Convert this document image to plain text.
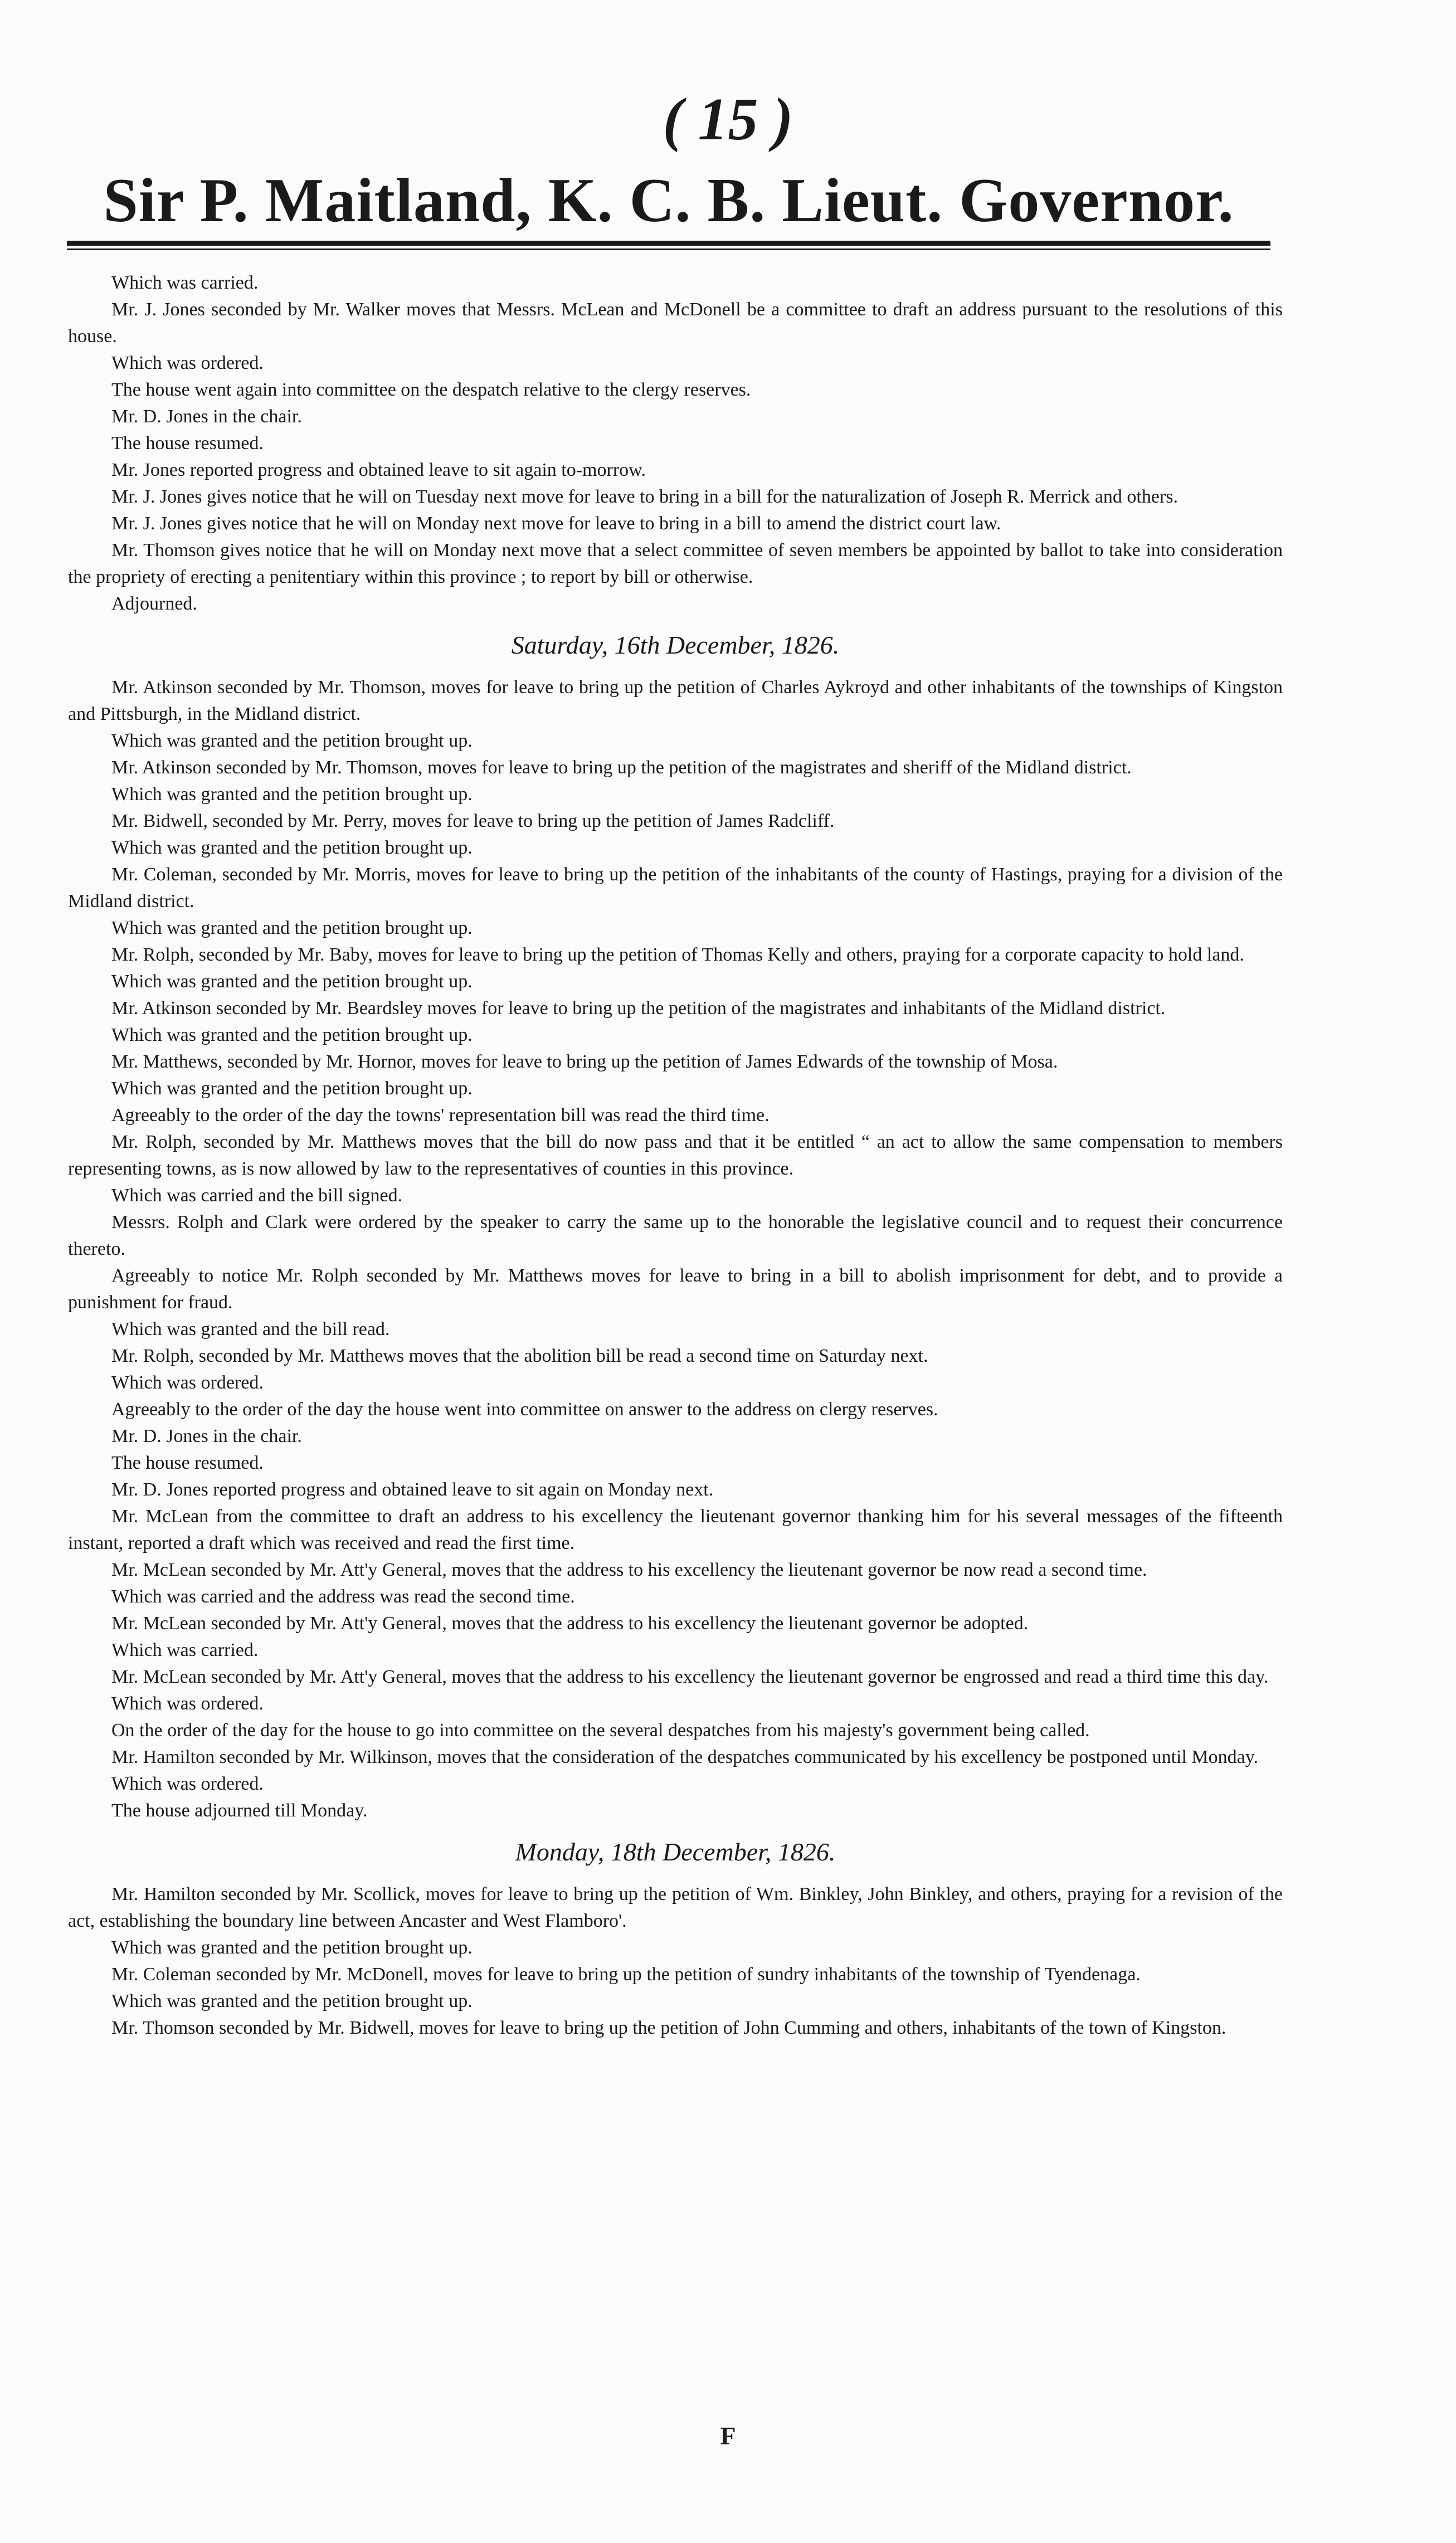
( 15 )
Sir P. Maitland, K. C. B. Lieut. Governor.

Which was carried.

Mr. J. Jones seconded by Mr. Walker moves that Messrs. McLean and McDonell be a committee to draft an address pursuant to the resolutions of this house.

Which was ordered.

The house went again into committee on the despatch relative to the clergy reserves.

Mr. D. Jones in the chair.

The house resumed.

Mr. Jones reported progress and obtained leave to sit again to-morrow.

Mr. J. Jones gives notice that he will on Tuesday next move for leave to bring in a bill for the naturalization of Joseph R. Merrick and others.

Mr. J. Jones gives notice that he will on Monday next move for leave to bring in a bill to amend the district court law.

Mr. Thomson gives notice that he will on Monday next move that a select committee of seven members be appointed by ballot to take into consideration the propriety of erecting a penitentiary within this province ; to report by bill or otherwise.

Adjourned.

Saturday, 16th December, 1826.

Mr. Atkinson seconded by Mr. Thomson, moves for leave to bring up the petition of Charles Aykroyd and other inhabitants of the townships of Kingston and Pittsburgh, in the Midland district.

Which was granted and the petition brought up.

Mr. Atkinson seconded by Mr. Thomson, moves for leave to bring up the petition of the magistrates and sheriff of the Midland district.

Which was granted and the petition brought up.

Mr. Bidwell, seconded by Mr. Perry, moves for leave to bring up the petition of James Radcliff.

Which was granted and the petition brought up.

Mr. Coleman, seconded by Mr. Morris, moves for leave to bring up the petition of the inhabitants of the county of Hastings, praying for a division of the Midland district.

Which was granted and the petition brought up.

Mr. Rolph, seconded by Mr. Baby, moves for leave to bring up the petition of Thomas Kelly and others, praying for a corporate capacity to hold land.

Which was granted and the petition brought up.

Mr. Atkinson seconded by Mr. Beardsley moves for leave to bring up the petition of the magistrates and inhabitants of the Midland district.

Which was granted and the petition brought up.

Mr. Matthews, seconded by Mr. Hornor, moves for leave to bring up the petition of James Edwards of the township of Mosa.

Which was granted and the petition brought up.

Agreeably to the order of the day the towns' representation bill was read the third time.

Mr. Rolph, seconded by Mr. Matthews moves that the bill do now pass and that it be entitled “ an act to allow the same compensation to members representing towns, as is now allowed by law to the representatives of counties in this province.

Which was carried and the bill signed.

Messrs. Rolph and Clark were ordered by the speaker to carry the same up to the honorable the legislative council and to request their concurrence thereto.

Agreeably to notice Mr. Rolph seconded by Mr. Matthews moves for leave to bring in a bill to abolish imprisonment for debt, and to provide a punishment for fraud.

Which was granted and the bill read.

Mr. Rolph, seconded by Mr. Matthews moves that the abolition bill be read a second time on Saturday next.

Which was ordered.

Agreeably to the order of the day the house went into committee on answer to the address on clergy reserves.

Mr. D. Jones in the chair.

The house resumed.

Mr. D. Jones reported progress and obtained leave to sit again on Monday next.

Mr. McLean from the committee to draft an address to his excellency the lieutenant governor thanking him for his several messages of the fifteenth instant, reported a draft which was received and read the first time.

Mr. McLean seconded by Mr. Att'y General, moves that the address to his excellency the lieutenant governor be now read a second time.

Which was carried and the address was read the second time.

Mr. McLean seconded by Mr. Att'y General, moves that the address to his excellency the lieutenant governor be adopted.

Which was carried.

Mr. McLean seconded by Mr. Att'y General, moves that the address to his excellency the lieutenant governor be engrossed and read a third time this day.

Which was ordered.

On the order of the day for the house to go into committee on the several despatches from his majesty's government being called.

Mr. Hamilton seconded by Mr. Wilkinson, moves that the consideration of the despatches communicated by his excellency be postponed until Monday.

Which was ordered.

The house adjourned till Monday.

Monday, 18th December, 1826.

Mr. Hamilton seconded by Mr. Scollick, moves for leave to bring up the petition of Wm. Binkley, John Binkley, and others, praying for a revision of the act, establishing the boundary line between Ancaster and West Flamboro'.

Which was granted and the petition brought up.

Mr. Coleman seconded by Mr. McDonell, moves for leave to bring up the petition of sundry inhabitants of the township of Tyendenaga.

Which was granted and the petition brought up.

Mr. Thomson seconded by Mr. Bidwell, moves for leave to bring up the petition of John Cumming and others, inhabitants of the town of Kingston.

F
